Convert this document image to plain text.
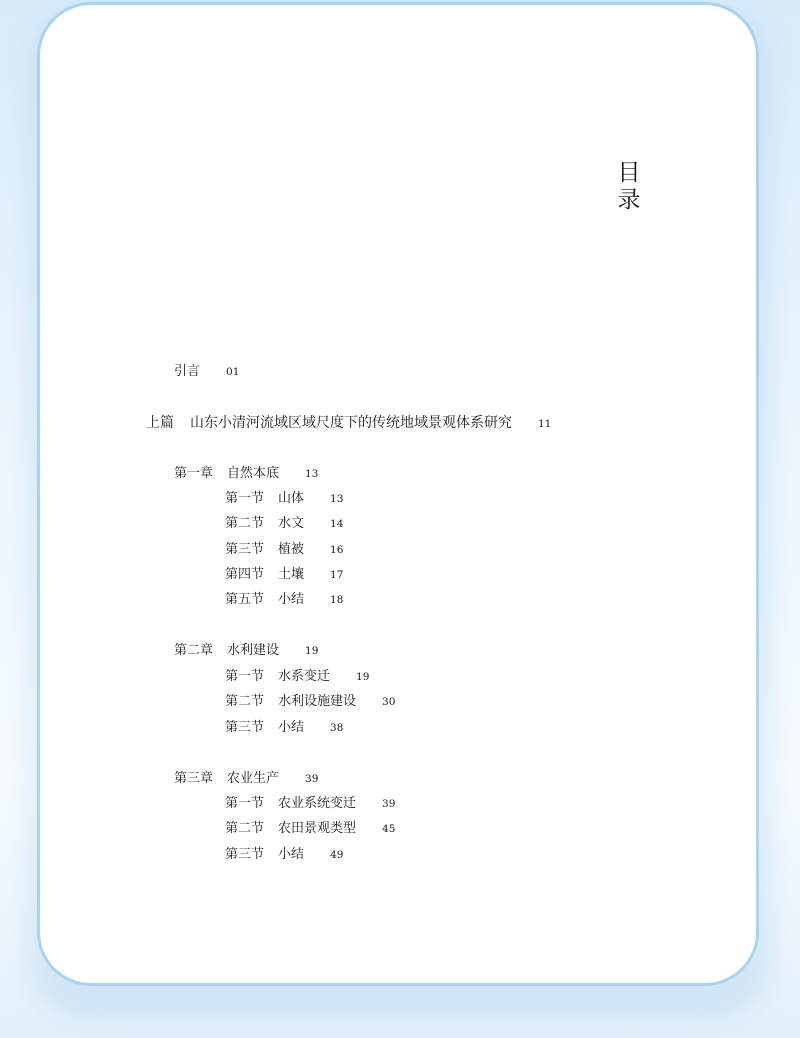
目
录
引言 01
上篇 山东小清河流域区域尺度下的传统地域景观体系研究 11
第一章 自然本底 13
第一节 山体 13
第二节 水文 14
第三节 植被 16
第四节 土壤 17
第五节 小结 18
第二章 水利建设 19
第一节 水系变迁 19
第二节 水利设施建设 30
第三节 小结 38
第三章 农业生产 39
第一节 农业系统变迁 39
第二节 农田景观类型 45
第三节 小结 49
